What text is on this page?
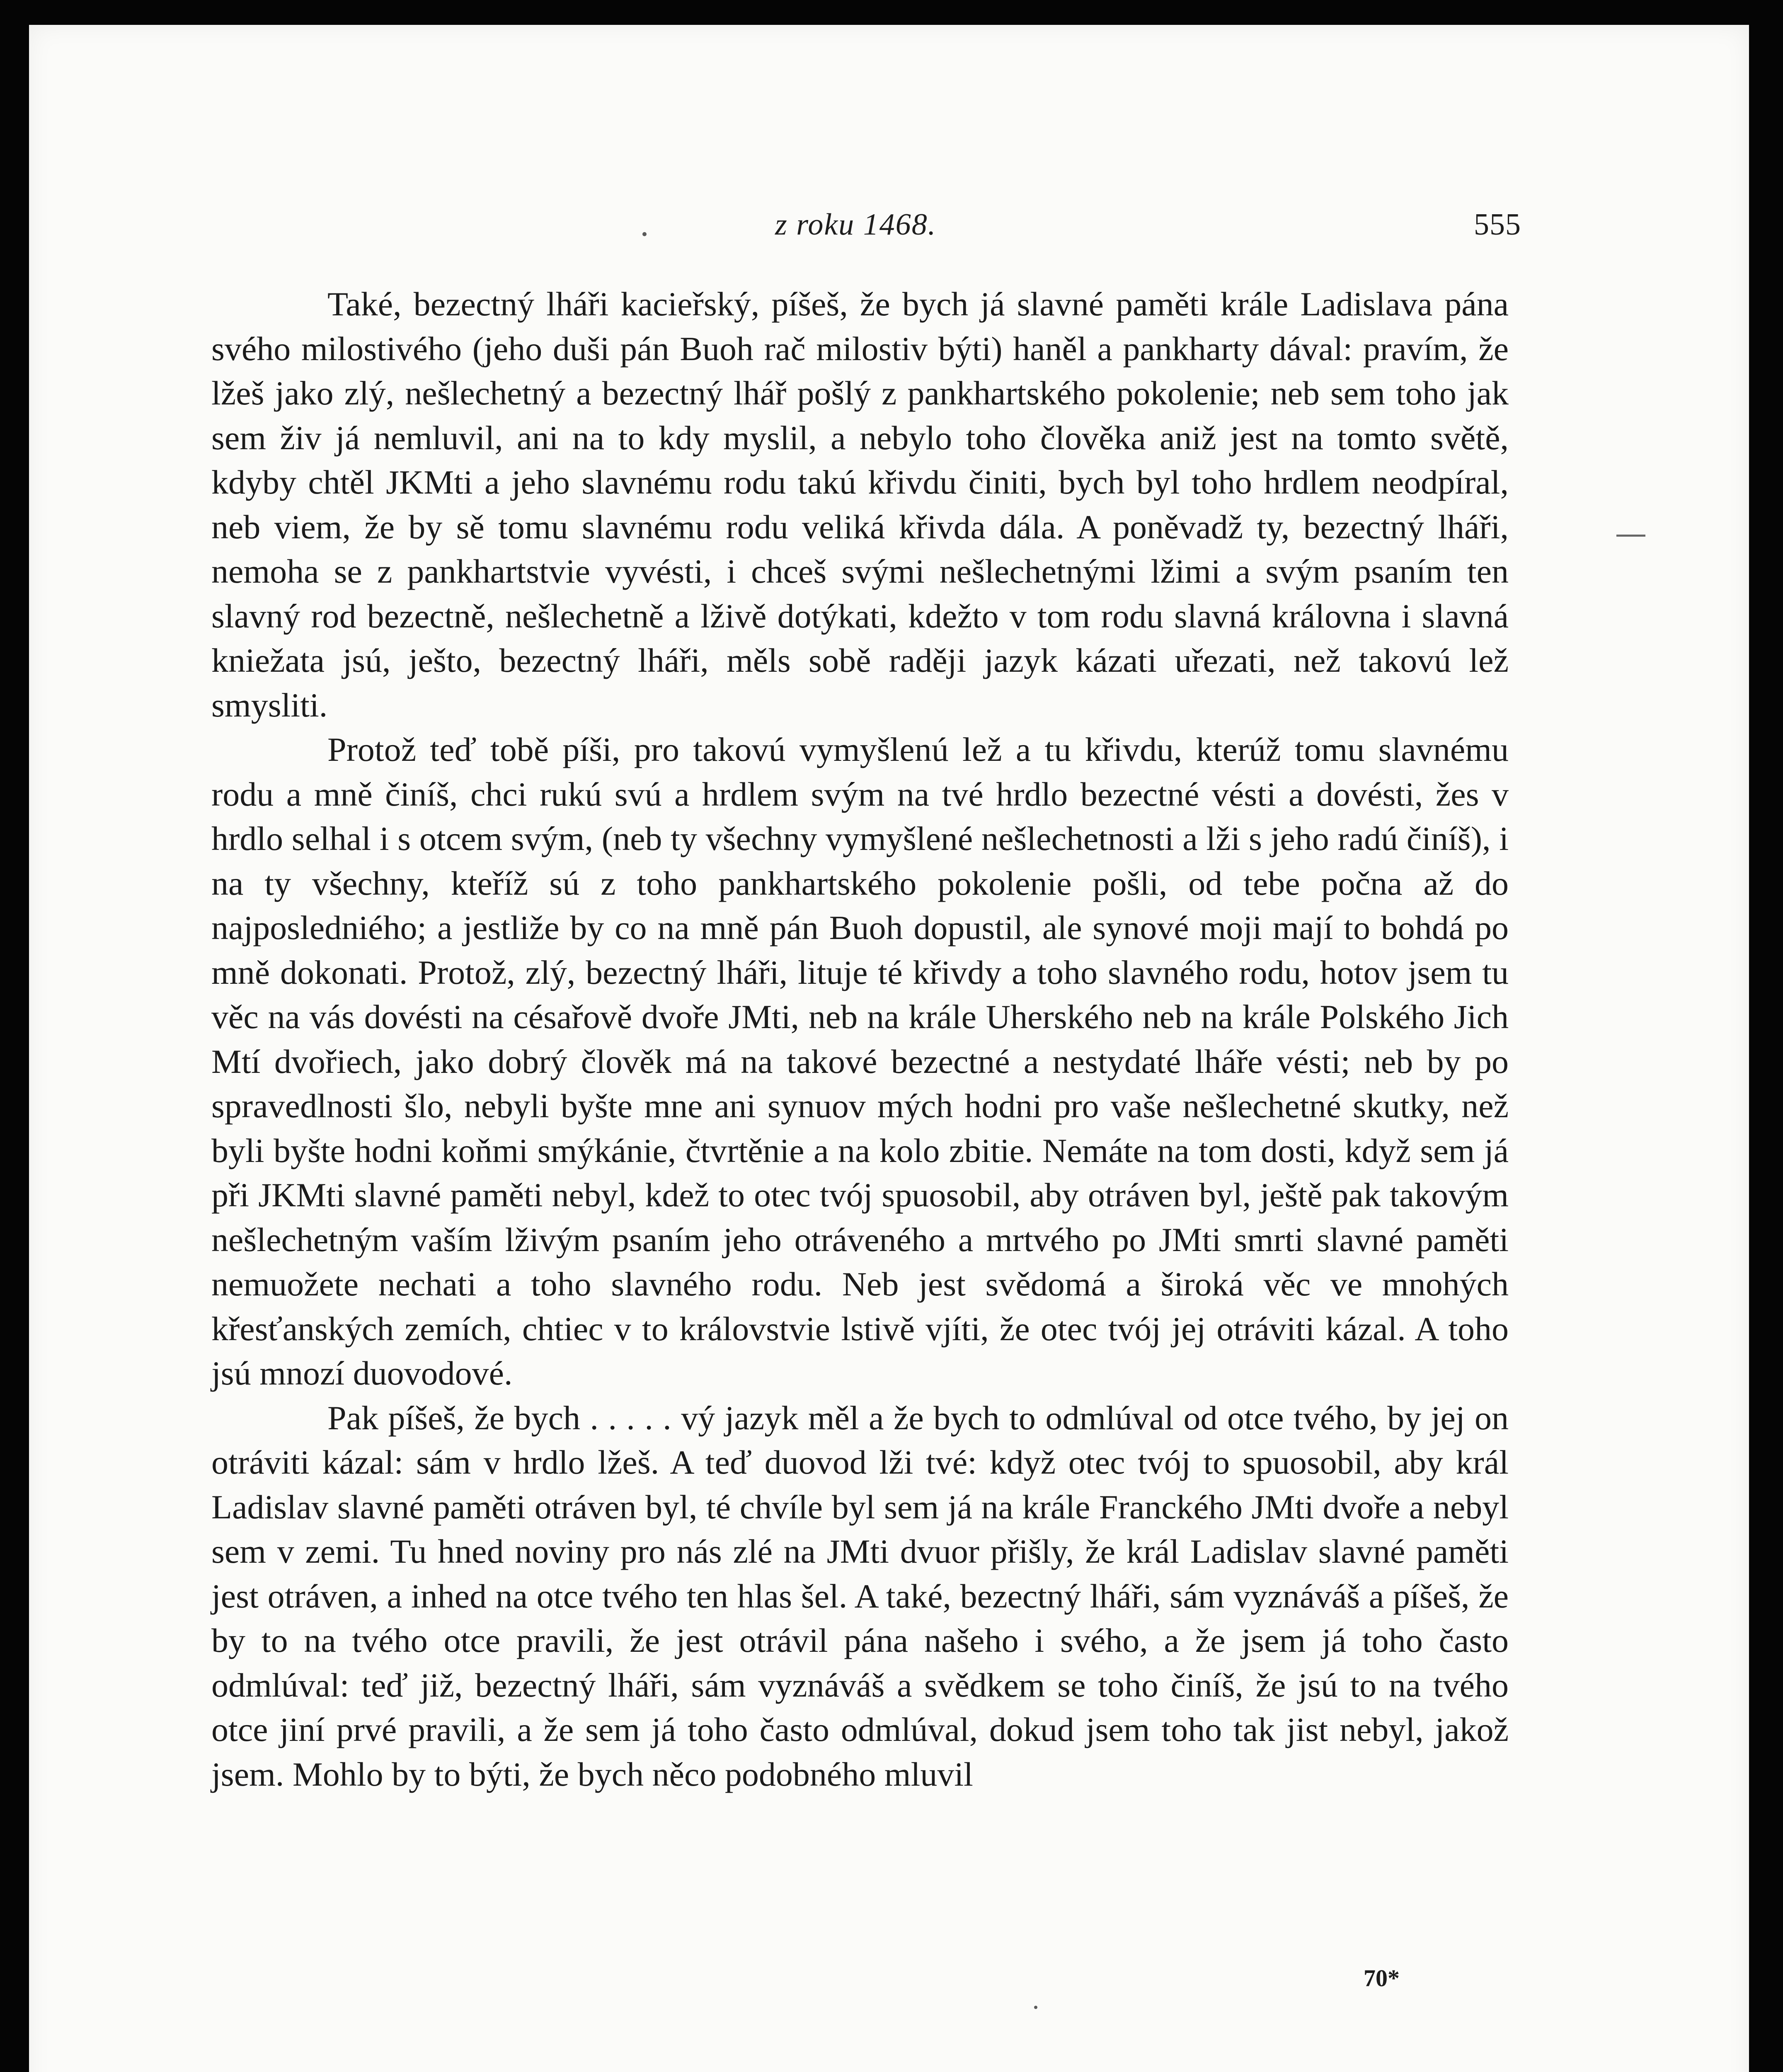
z roku 1468.	555

Také, bezectný lháři kacieřský, píšeš, že bych já slavné paměti krále Ladislava pána svého milostivého (jeho duši pán Buoh rač milostiv býti) haněl a pankharty dával: pravím, že lžeš jako zlý, nešlechetný a bezectný lhář pošlý z pankhartského pokolenie; neb sem toho jak sem živ já nemluvil, ani na to kdy myslil, a nebylo toho člověka aniž jest na tomto světě, kdyby chtěl JKMti a jeho slavnému rodu takú křivdu činiti, bych byl toho hrdlem neodpíral, neb viem, že by sě tomu slavnému rodu veliká křivda dála. A poněvadž ty, bezectný lháři, nemoha se z pankhartstvie vyvésti, i chceš svými nešlechetnými lžimi a svým psaním ten slavný rod bezectně, nešlechetně a lživě dotýkati, kdežto v tom rodu slavná královna i slavná kniežata jsú, ješto, bezectný lháři, měls sobě raději jazyk kázati uřezati, než takovú lež smysliti.

Protož teď tobě píši, pro takovú vymyšlenú lež a tu křivdu, kterúž tomu slavnému rodu a mně činíš, chci rukú svú a hrdlem svým na tvé hrdlo bezectné vésti a dovésti, žes v hrdlo selhal i s otcem svým, (neb ty všechny vymyšlené nešlechetnosti a lži s jeho radú činíš), i na ty všechny, kteříž sú z toho pankhartského pokolenie pošli, od tebe počna až do najposledniého; a jestliže by co na mně pán Buoh dopustil, ale synové moji mají to bohdá po mně dokonati. Protož, zlý, bezectný lháři, lituje té křivdy a toho slavného rodu, hotov jsem tu věc na vás dovésti na césařově dvoře JMti, neb na krále Uherského neb na krále Polského Jich Mtí dvořiech, jako dobrý člověk má na takové bezectné a nestydaté lháře vésti; neb by po spravedlnosti šlo, nebyli byšte mne ani synuov mých hodni pro vaše nešlechetné skutky, než byli byšte hodni koňmi smýkánie, čtvrtěnie a na kolo zbitie. Nemáte na tom dosti, když sem já při JKMti slavné paměti nebyl, kdež to otec tvój spuosobil, aby otráven byl, ještě pak takovým nešlechetným vaším lživým psaním jeho otráveného a mrtvého po JMti smrti slavné paměti nemuožete nechati a toho slavného rodu. Neb jest svědomá a široká věc ve mnohých křesťanských zemích, chtiec v to královstvie lstivě vjíti, že otec tvój jej otráviti kázal. A toho jsú mnozí duovodové.

Pak píšeš, že bych . . . . . vý jazyk měl a že bych to odmlúval od otce tvého, by jej on otráviti kázal: sám v hrdlo lžeš. A teď duovod lži tvé: když otec tvój to spuosobil, aby král Ladislav slavné paměti otráven byl, té chvíle byl sem já na krále Franckého JMti dvoře a nebyl sem v zemi. Tu hned noviny pro nás zlé na JMti dvuor přišly, že král Ladislav slavné paměti jest otráven, a inhed na otce tvého ten hlas šel. A také, bezectný lháři, sám vyznáváš a píšeš, že by to na tvého otce pravili, že jest otrávil pána našeho i svého, a že jsem já toho často odmlúval: teď již, bezectný lháři, sám vyznáváš a svědkem se toho činíš, že jsú to na tvého otce jiní prvé pravili, a že sem já toho často odmlúval, dokud jsem toho tak jist nebyl, jakož jsem. Mohlo by to býti, že bych něco podobného mluvil

70*
